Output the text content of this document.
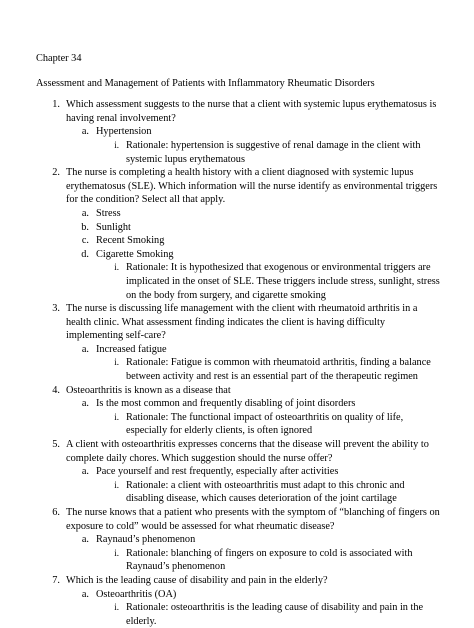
Chapter 34
Assessment and Management of Patients with Inflammatory Rheumatic Disorders
1. Which assessment suggests to the nurse that a client with systemic lupus erythematosus is having renal involvement?
a. Hypertension
i. Rationale: hypertension is suggestive of renal damage in the client with systemic lupus erythematous
2. The nurse is completing a health history with a client diagnosed with systemic lupus erythematosus (SLE). Which information will the nurse identify as environmental triggers for the condition? Select all that apply.
a. Stress
b. Sunlight
c. Recent Smoking
d. Cigarette Smoking
i. Rationale: It is hypothesized that exogenous or environmental triggers are implicated in the onset of SLE. These triggers include stress, sunlight, stress on the body from surgery, and cigarette smoking
3. The nurse is discussing life management with the client with rheumatoid arthritis in a health clinic. What assessment finding indicates the client is having difficulty implementing self-care?
a. Increased fatigue
i. Rationale: Fatigue is common with rheumatoid arthritis, finding a balance between activity and rest is an essential part of the therapeutic regimen
4. Osteoarthritis is known as a disease that
a. Is the most common and frequently disabling of joint disorders
i. Rationale: The functional impact of osteoarthritis on quality of life, especially for elderly clients, is often ignored
5. A client with osteoarthritis expresses concerns that the disease will prevent the ability to complete daily chores. Which suggestion should the nurse offer?
a. Pace yourself and rest frequently, especially after activities
i. Rationale: a client with osteoarthritis must adapt to this chronic and disabling disease, which causes deterioration of the joint cartilage
6. The nurse knows that a patient who presents with the symptom of “blanching of fingers on exposure to cold” would be assessed for what rheumatic disease?
a. Raynaud’s phenomenon
i. Rationale: blanching of fingers on exposure to cold is associated with Raynaud’s phenomenon
7. Which is the leading cause of disability and pain in the elderly?
a. Osteoarthritis (OA)
i. Rationale: osteoarthritis is the leading cause of disability and pain in the elderly.
